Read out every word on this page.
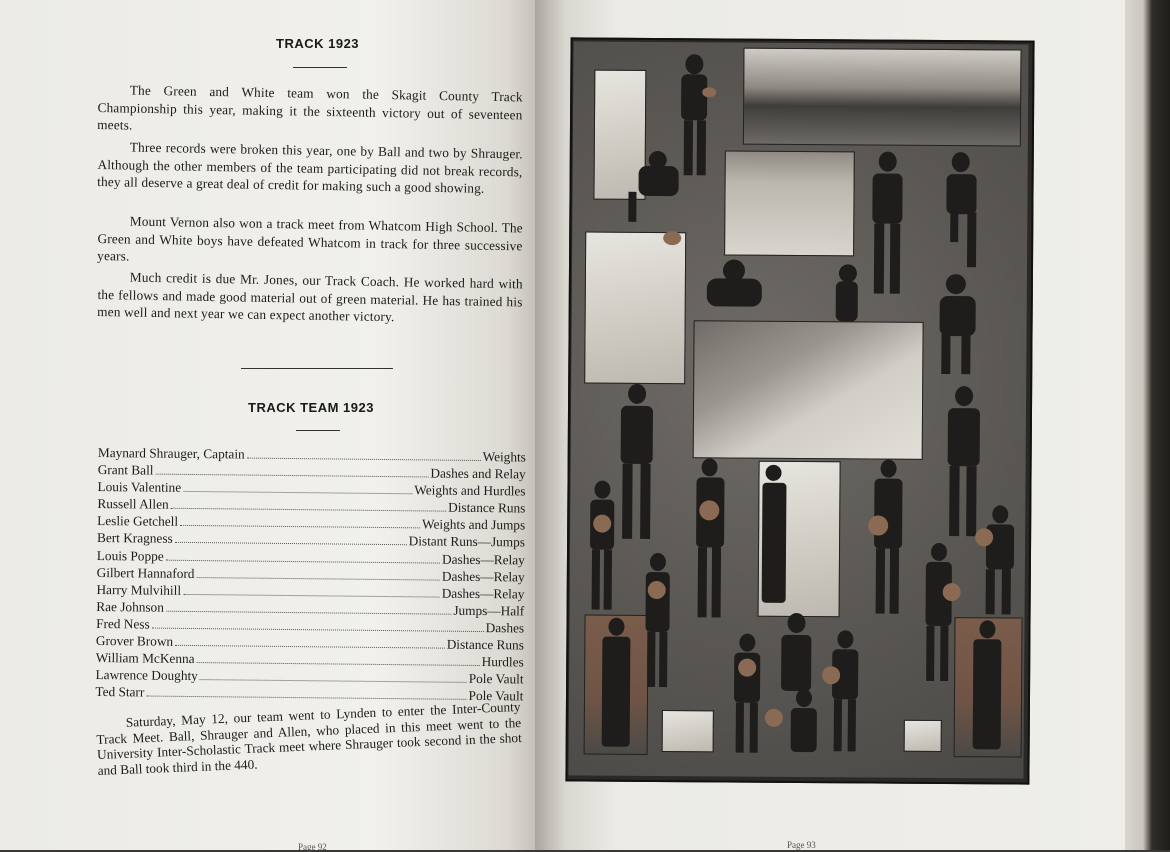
TRACK 1923
The Green and White team won the Skagit County Track Championship this year, making it the sixteenth victory out of seventeen meets.
Three records were broken this year, one by Ball and two by Shrauger. Although the other members of the team participating did not break records, they all deserve a great deal of credit for making such a good showing.
Mount Vernon also won a track meet from Whatcom High School. The Green and White boys have defeated Whatcom in track for three successive years.
Much credit is due Mr. Jones, our Track Coach. He worked hard with the fellows and made good material out of green material. He has trained his men well and next year we can expect another victory.
TRACK TEAM 1923
Maynard Shrauger, Captain	Weights
Grant Ball	Dashes and Relay
Louis Valentine	Weights and Hurdles
Russell Allen	Distance Runs
Leslie Getchell	Weights and Jumps
Bert Kragness	Distant Runs—Jumps
Louis Poppe	Dashes—Relay
Gilbert Hannaford	Dashes—Relay
Harry Mulvihill	Dashes—Relay
Rae Johnson	Jumps—Half
Fred Ness	Dashes
Grover Brown	Distance Runs
William McKenna	Hurdles
Lawrence Doughty	Pole Vault
Ted Starr	Pole Vault
Saturday, May 12, our team went to Lynden to enter the Inter-County Track Meet. Ball, Shrauger and Allen, who placed in this meet went to the University Inter-Scholastic Track meet where Shrauger took second in the shot and Ball took third in the 440.
Page 92	Page 93
